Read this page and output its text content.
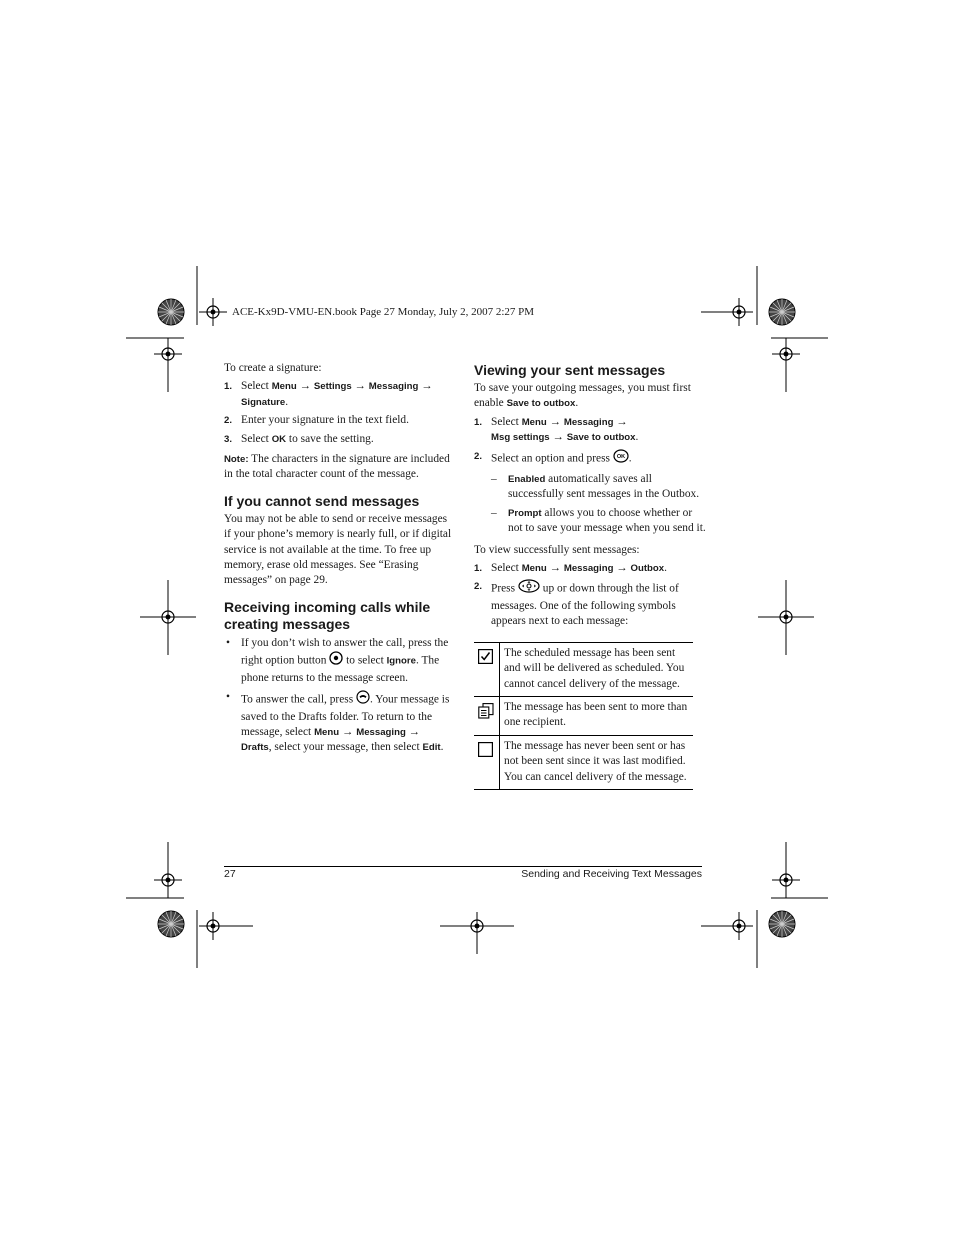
ACE-Kx9D-VMU-EN.book Page 27 Monday, July 2, 2007 2:27 PM
To create a signature:
1. Select Menu → Settings → Messaging →
Signature.
2. Enter your signature in the text field.
3. Select OK to save the setting.
Note: The characters in the signature are included in the total character count of the message.
If you cannot send messages
You may not be able to send or receive messages if your phone’s memory is nearly full, or if digital service is not available at the time. To free up memory, erase old messages. See “Erasing messages” on page 29.
Receiving incoming calls while
creating messages
• If you don’t wish to answer the call, press the right option button  to select Ignore. The phone returns to the message screen.
• To answer the call, press . Your message is saved to the Drafts folder. To return to the message, select Menu → Messaging →
Drafts, select your message, then select Edit.
Viewing your sent messages
To save your outgoing messages, you must first enable Save to outbox.
1. Select Menu → Messaging →
Msg settings → Save to outbox.
2. Select an option and press OK .
– Enabled automatically saves all successfully sent messages in the Outbox.
– Prompt allows you to choose whether or not to save your message when you send it.
To view successfully sent messages:
1. Select Menu → Messaging → Outbox.
2. Press  up or down through the list of messages. One of the following symbols appears next to each message:
	The scheduled message has been sent and will be delivered as scheduled. You cannot cancel delivery of the message.
	The message has been sent to more than one recipient.
	The message has never been sent or has not been sent since it was last modified. You can cancel delivery of the message.
27	Sending and Receiving Text Messages
